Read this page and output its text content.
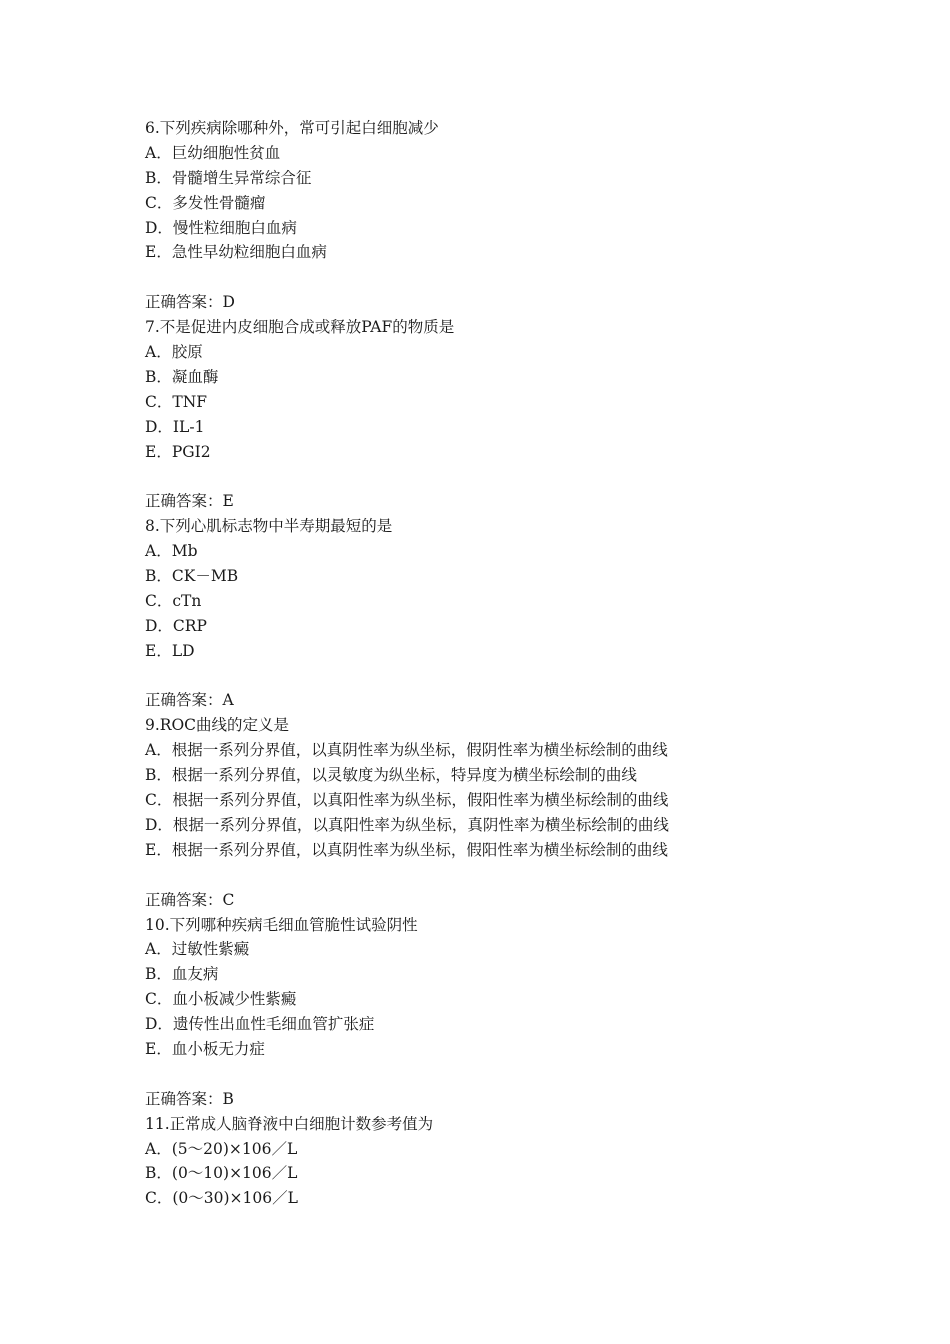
6.下列疾病除哪种外，常可引起白细胞减少
A．巨幼细胞性贫血
B．骨髓增生异常综合征
C．多发性骨髓瘤
D．慢性粒细胞白血病
E．急性早幼粒细胞白血病
正确答案：D
7.不是促进内皮细胞合成或释放PAF的物质是
A．胶原
B．凝血酶
C．TNF
D．IL-1
E．PGI2
正确答案：E
8.下列心肌标志物中半寿期最短的是
A．Mb
B．CK－MB
C．cTn
D．CRP
E．LD
正确答案：A
9.ROC曲线的定义是
A．根据一系列分界值，以真阴性率为纵坐标，假阴性率为横坐标绘制的曲线
B．根据一系列分界值，以灵敏度为纵坐标，特异度为横坐标绘制的曲线
C．根据一系列分界值，以真阳性率为纵坐标，假阳性率为横坐标绘制的曲线
D．根据一系列分界值，以真阳性率为纵坐标，真阴性率为横坐标绘制的曲线
E．根据一系列分界值，以真阴性率为纵坐标，假阳性率为横坐标绘制的曲线
正确答案：C
10.下列哪种疾病毛细血管脆性试验阴性
A．过敏性紫癜
B．血友病
C．血小板减少性紫癜
D．遗传性出血性毛细血管扩张症
E．血小板无力症
正确答案：B
11.正常成人脑脊液中白细胞计数参考值为
A．(5～20)×106／L
B．(0～10)×106／L
C．(0～30)×106／L
